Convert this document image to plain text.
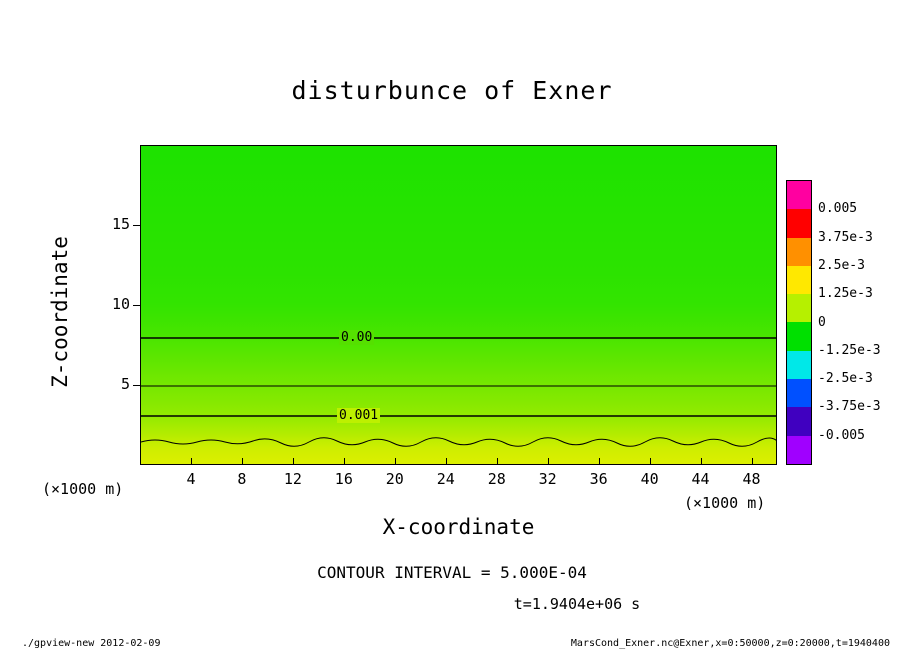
disturbunce of Exner
0.00
0.001
4	8	12	16	20	24	28	32	36	40	44	48
5
10
15
X-coordinate
Z-coordinate
(×1000 m)
(×1000 m)
0.005
3.75e-3
2.5e-3
1.25e-3
0
-1.25e-3
-2.5e-3
-3.75e-3
-0.005
CONTOUR INTERVAL = 5.000E-04
t=1.9404e+06 s
./gpview-new 2012-02-09	MarsCond_Exner.nc@Exner,x=0:50000,z=0:20000,t=1940400
